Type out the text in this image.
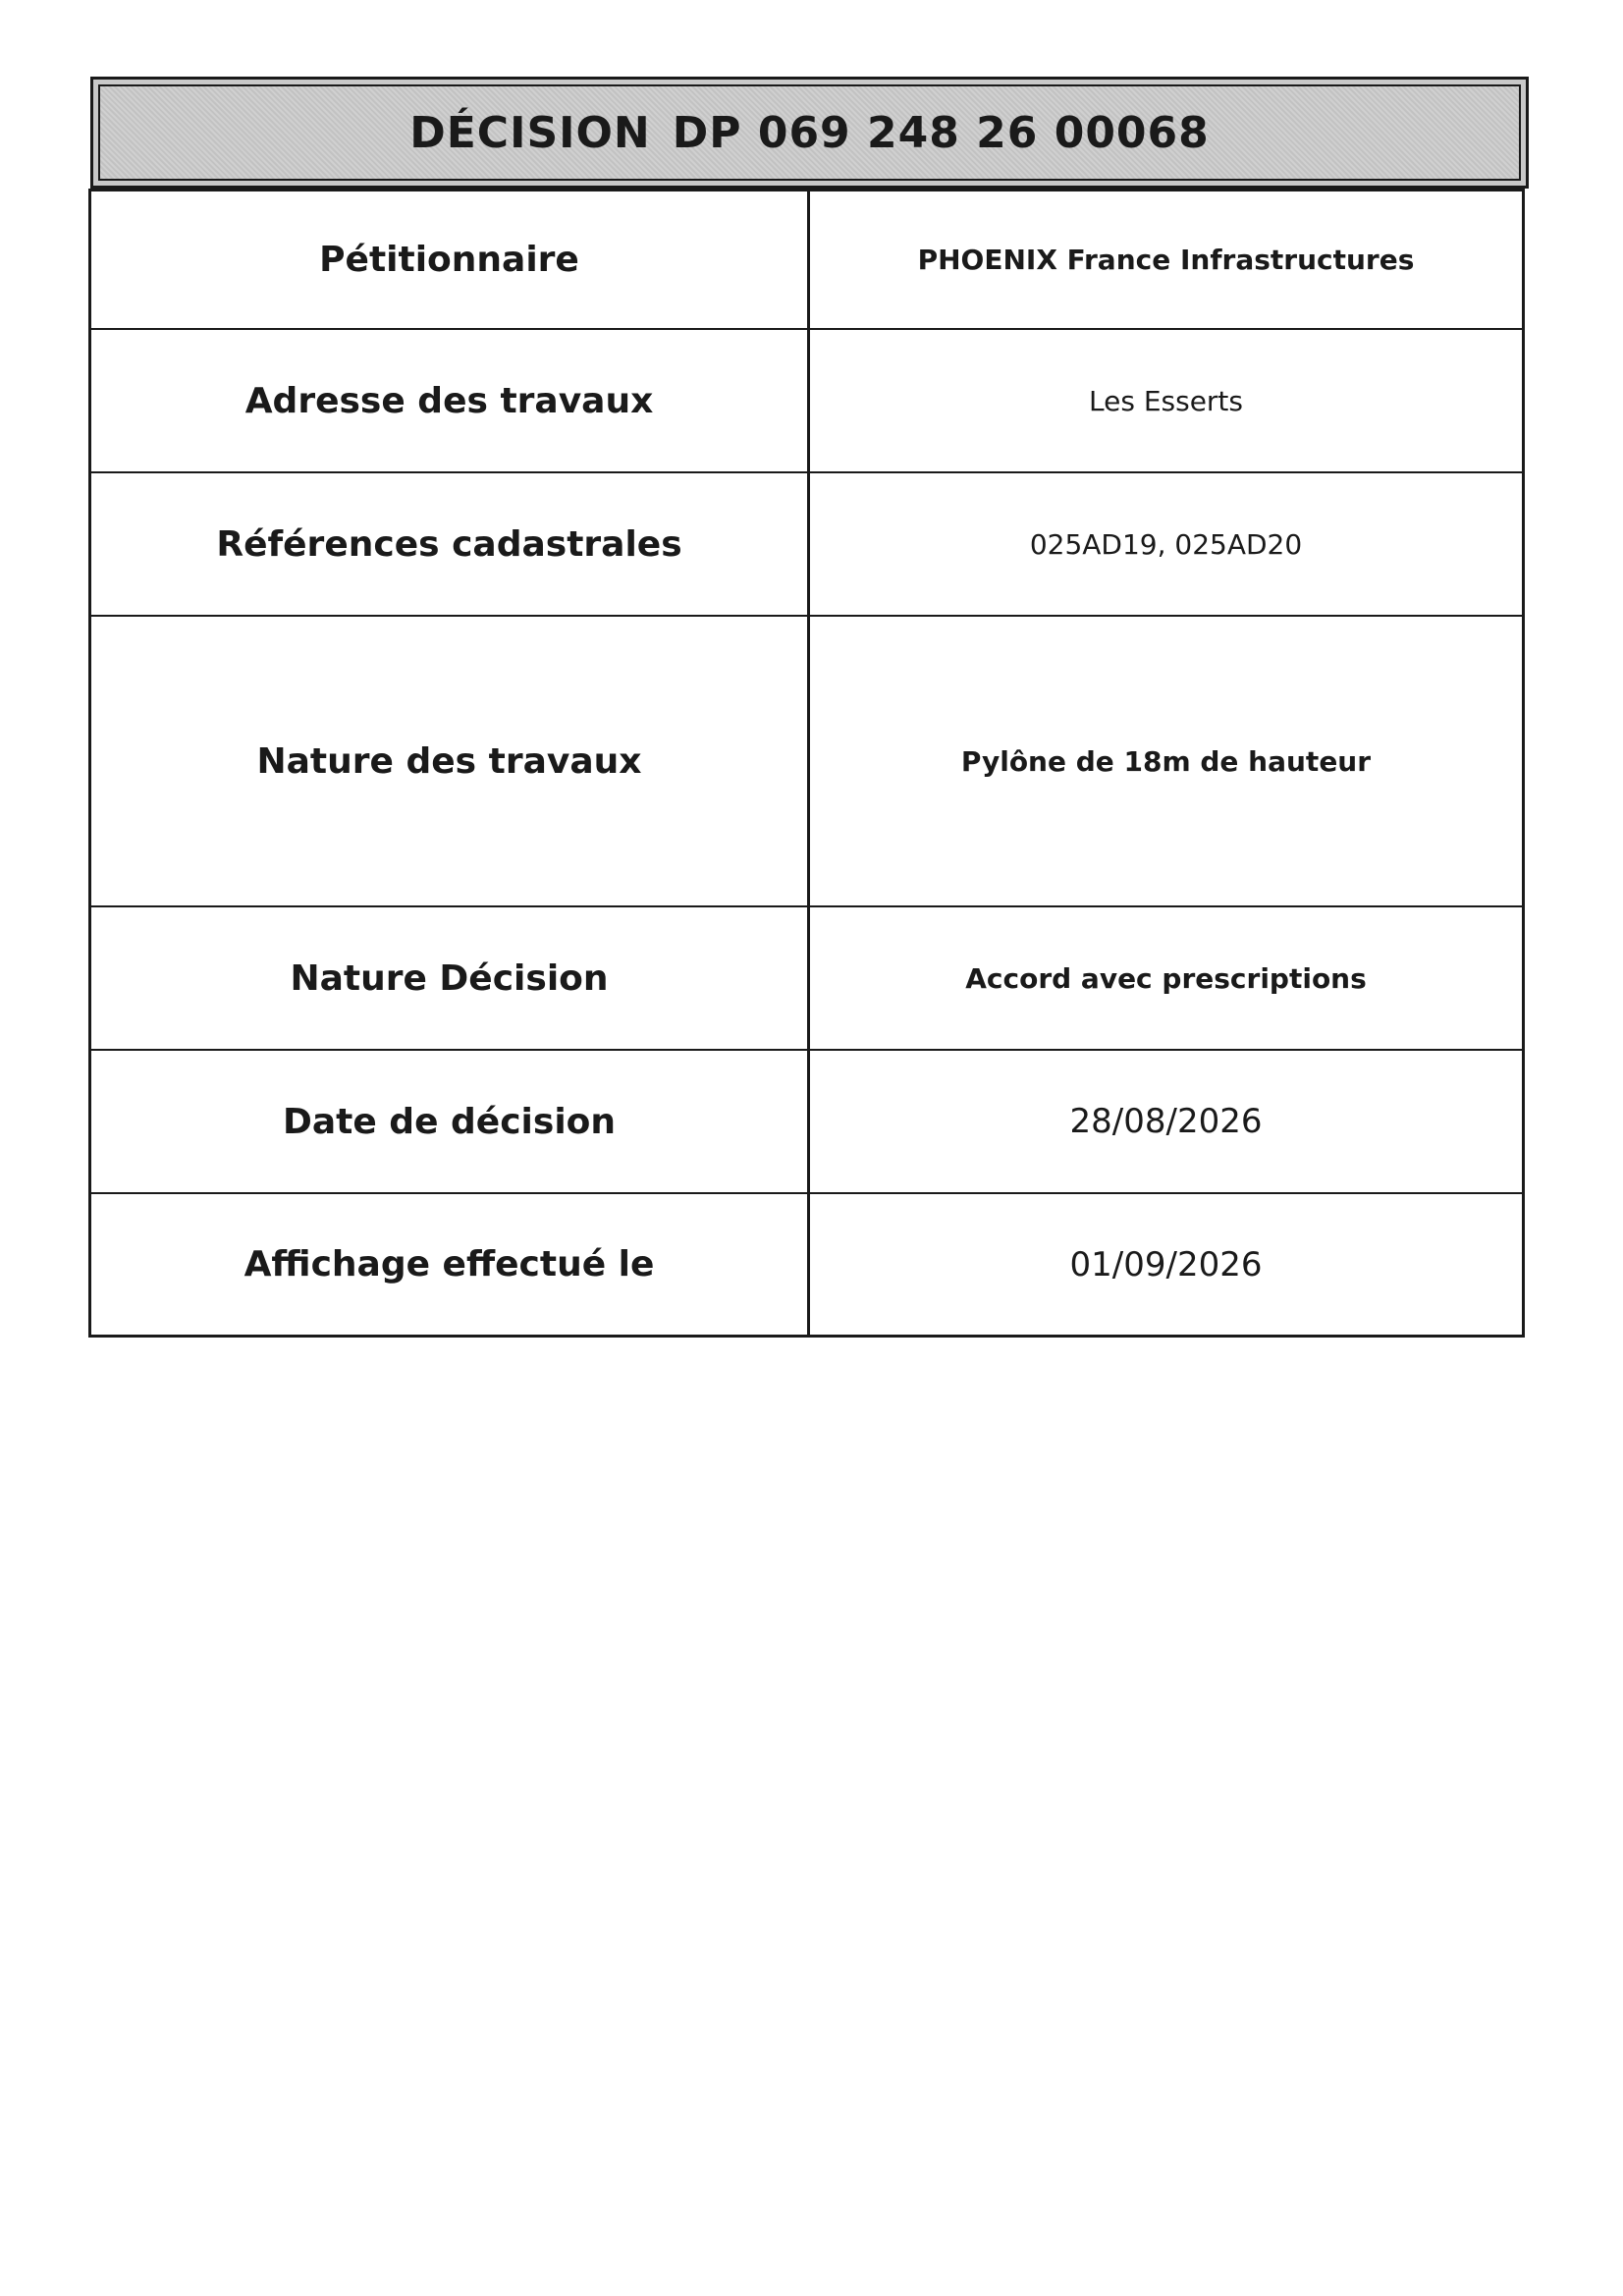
DÉCISION DP 069 248 26 00068
Pétitionnaire	PHOENIX France Infrastructures
Adresse des travaux	Les Esserts
Références cadastrales	025AD19, 025AD20
Nature des travaux	Pylône de 18m de hauteur
Nature Décision	Accord avec prescriptions
Date de décision	28/08/2026
Affichage effectué le	01/09/2026
